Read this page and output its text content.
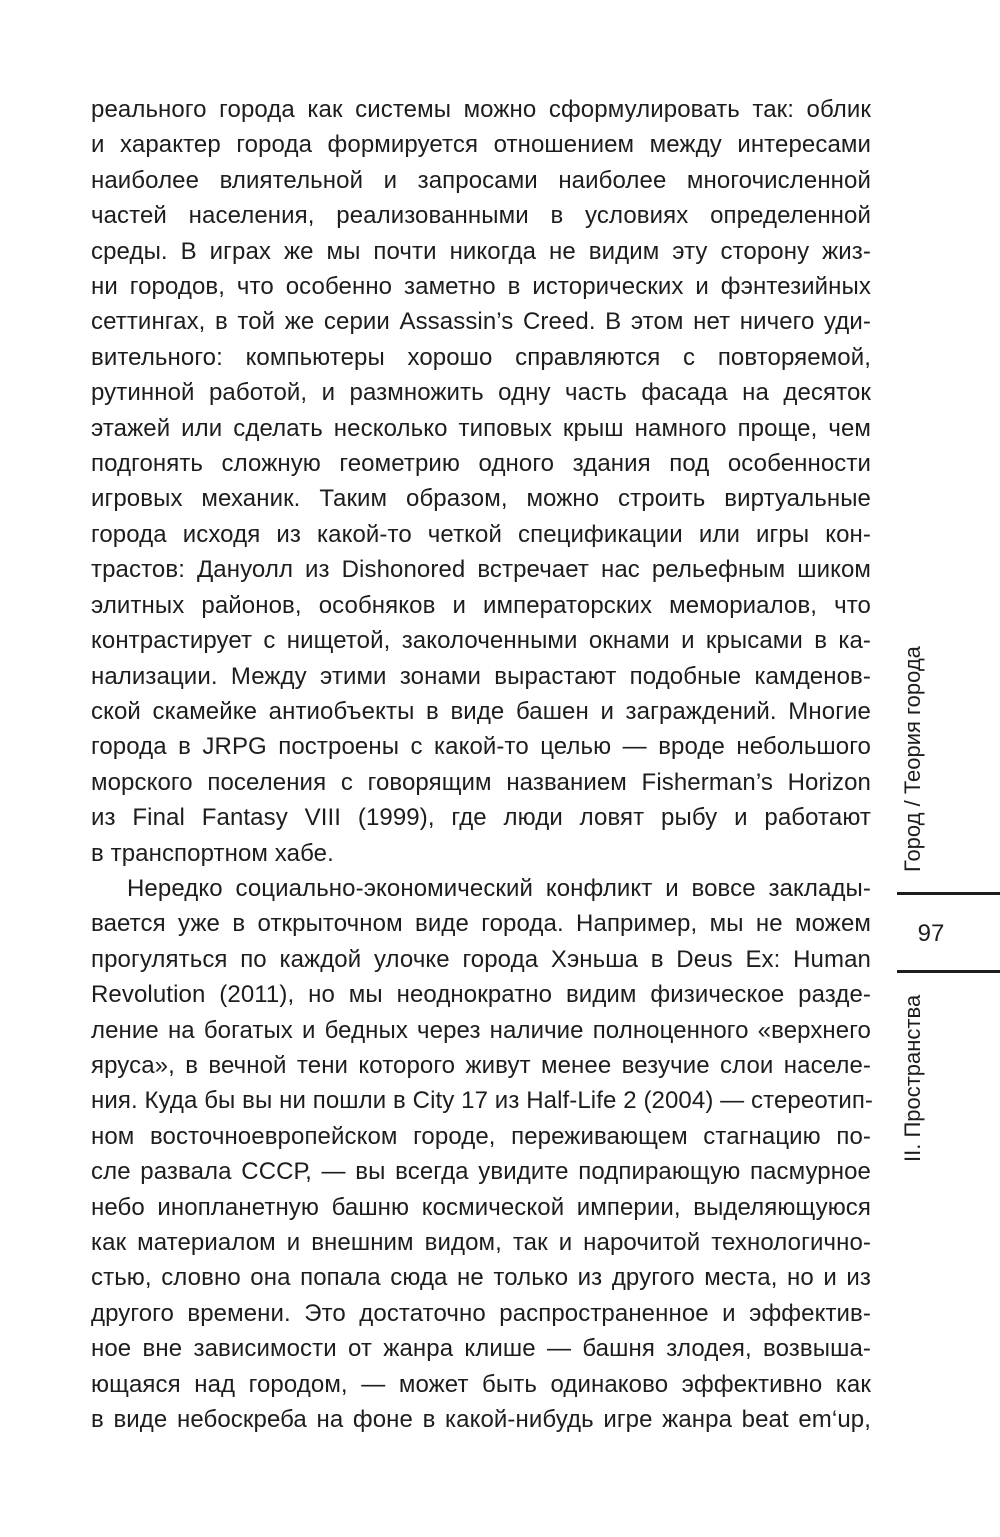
реального города как системы можно сформулировать так: облик
и характер города формируется отношением между интересами
наиболее влиятельной и запросами наиболее многочисленной
частей населения, реализованными в условиях определенной
среды. В играх же мы почти никогда не видим эту сторону жиз-
ни городов, что особенно заметно в исторических и фэнтезийных
сеттингах, в той же серии Assassin’s Creed. В этом нет ничего уди-
вительного: компьютеры хорошо справляются с повторяемой,
рутинной работой, и размножить одну часть фасада на десяток
этажей или сделать несколько типовых крыш намного проще, чем
подгонять сложную геометрию одного здания под особенности
игровых механик. Таким образом, можно строить виртуальные
города исходя из какой-то четкой спецификации или игры кон-
трастов: Дануолл из Dishonored встречает нас рельефным шиком
элитных районов, особняков и императорских мемориалов, что
контрастирует с нищетой, заколоченными окнами и крысами в ка-
нализации. Между этими зонами вырастают подобные камденов-
ской скамейке антиобъекты в виде башен и заграждений. Многие
города в JRPG построены с какой-то целью — вроде небольшого
морского поселения с говорящим названием Fisherman’s Horizon
из Final Fantasy VIII (1999), где люди ловят рыбу и работают
в транспортном хабе.

Нередко социально-экономический конфликт и вовсе заклады-
вается уже в открыточном виде города. Например, мы не можем
прогуляться по каждой улочке города Хэньша в Deus Ex: Human
Revolution (2011), но мы неоднократно видим физическое разде-
ление на богатых и бедных через наличие полноценного «верхнего
яруса», в вечной тени которого живут менее везучие слои населе-
ния. Куда бы вы ни пошли в City 17 из Half-Life 2 (2004) — стереотип-
ном восточноевропейском городе, переживающем стагнацию по-
сле развала СССР, — вы всегда увидите подпирающую пасмурное
небо инопланетную башню космической империи, выделяющуюся
как материалом и внешним видом, так и нарочитой технологично-
стью, словно она попала сюда не только из другого места, но и из
другого времени. Это достаточно распространенное и эффектив-
ное вне зависимости от жанра клише — башня злодея, возвыша-
ющаяся над городом, — может быть одинаково эффективно как
в виде небоскреба на фоне в какой-нибудь игре жанра beat em‘up,

Город / Теория города
97
II. Пространства
